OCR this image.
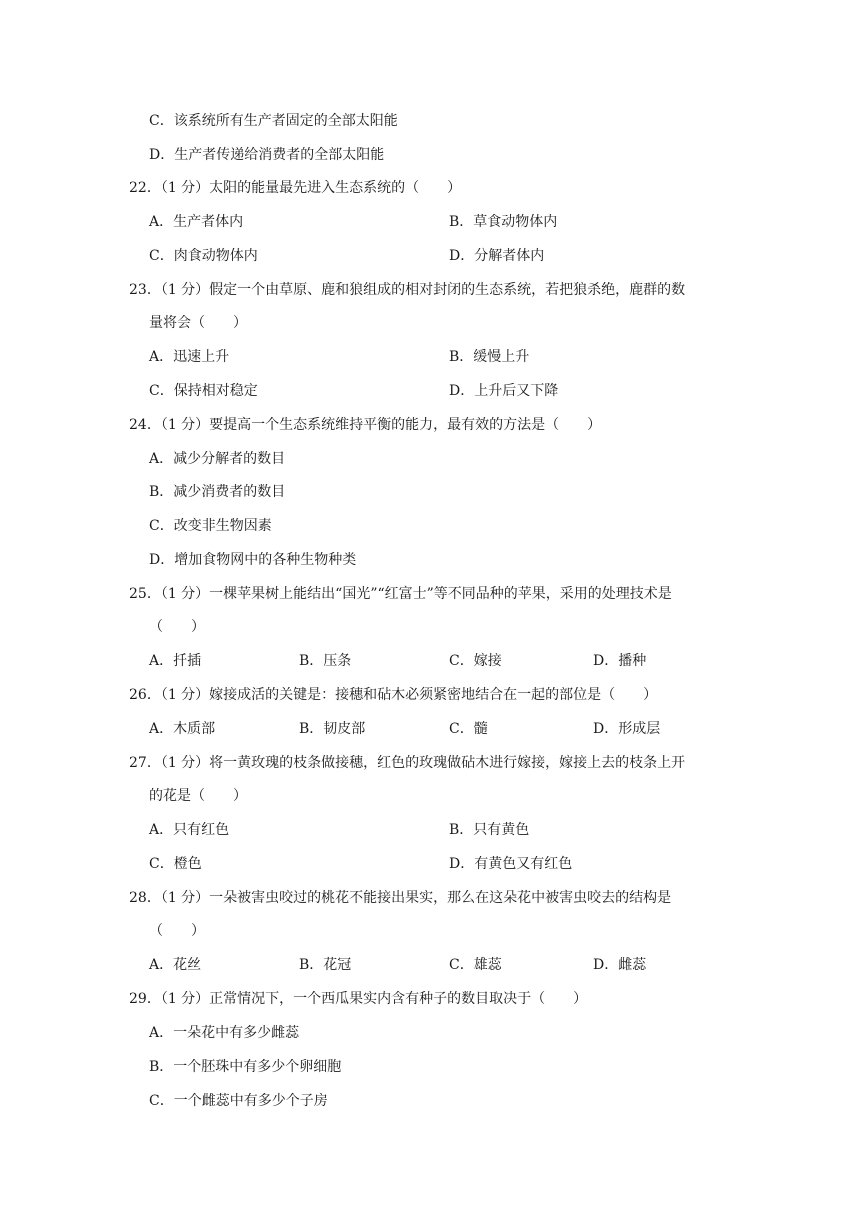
C．该系统所有生产者固定的全部太阳能
D．生产者传递给消费者的全部太阳能
22．（1 分）太阳的能量最先进入生态系统的（　　）
A．生产者体内	B．草食动物体内
C．肉食动物体内	D．分解者体内
23．（1 分）假定一个由草原、鹿和狼组成的相对封闭的生态系统，若把狼杀绝，鹿群的数
量将会（　　）
A．迅速上升	B．缓慢上升
C．保持相对稳定	D．上升后又下降
24．（1 分）要提高一个生态系统维持平衡的能力，最有效的方法是（　　）
A．减少分解者的数目
B．减少消费者的数目
C．改变非生物因素
D．增加食物网中的各种生物种类
25．（1 分）一棵苹果树上能结出“国光”“红富士”等不同品种的苹果，采用的处理技术是
（　　）
A．扦插	B．压条	C．嫁接	D．播种
26．（1 分）嫁接成活的关键是：接穗和砧木必须紧密地结合在一起的部位是（　　）
A．木质部	B．韧皮部	C．髓	D．形成层
27．（1 分）将一黄玫瑰的枝条做接穗，红色的玫瑰做砧木进行嫁接，嫁接上去的枝条上开
的花是（　　）
A．只有红色	B．只有黄色
C．橙色	D．有黄色又有红色
28．（1 分）一朵被害虫咬过的桃花不能接出果实，那么在这朵花中被害虫咬去的结构是
（　　）
A．花丝	B．花冠	C．雄蕊	D．雌蕊
29．（1 分）正常情况下，一个西瓜果实内含有种子的数目取决于（　　）
A．一朵花中有多少雌蕊
B．一个胚珠中有多少个卵细胞
C．一个雌蕊中有多少个子房
